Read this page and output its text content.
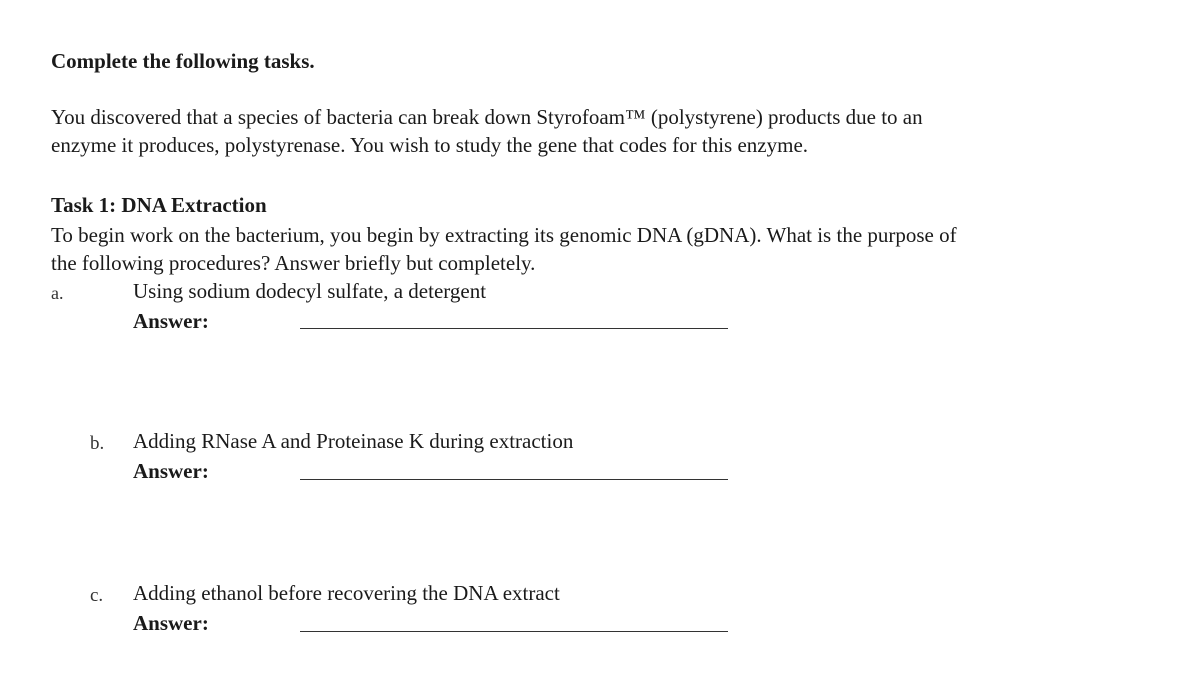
Complete the following tasks.
You discovered that a species of bacteria can break down Styrofoam™ (polystyrene) products due to an
enzyme it produces, polystyrenase. You wish to study the gene that codes for this enzyme.
Task 1: DNA Extraction
To begin work on the bacterium, you begin by extracting its genomic DNA (gDNA). What is the purpose of
the following procedures? Answer briefly but completely.
a.	Using sodium dodecyl sulfate, a detergent
Answer:
b. Adding RNase A and Proteinase K during extraction
Answer:
c. Adding ethanol before recovering the DNA extract
Answer:
